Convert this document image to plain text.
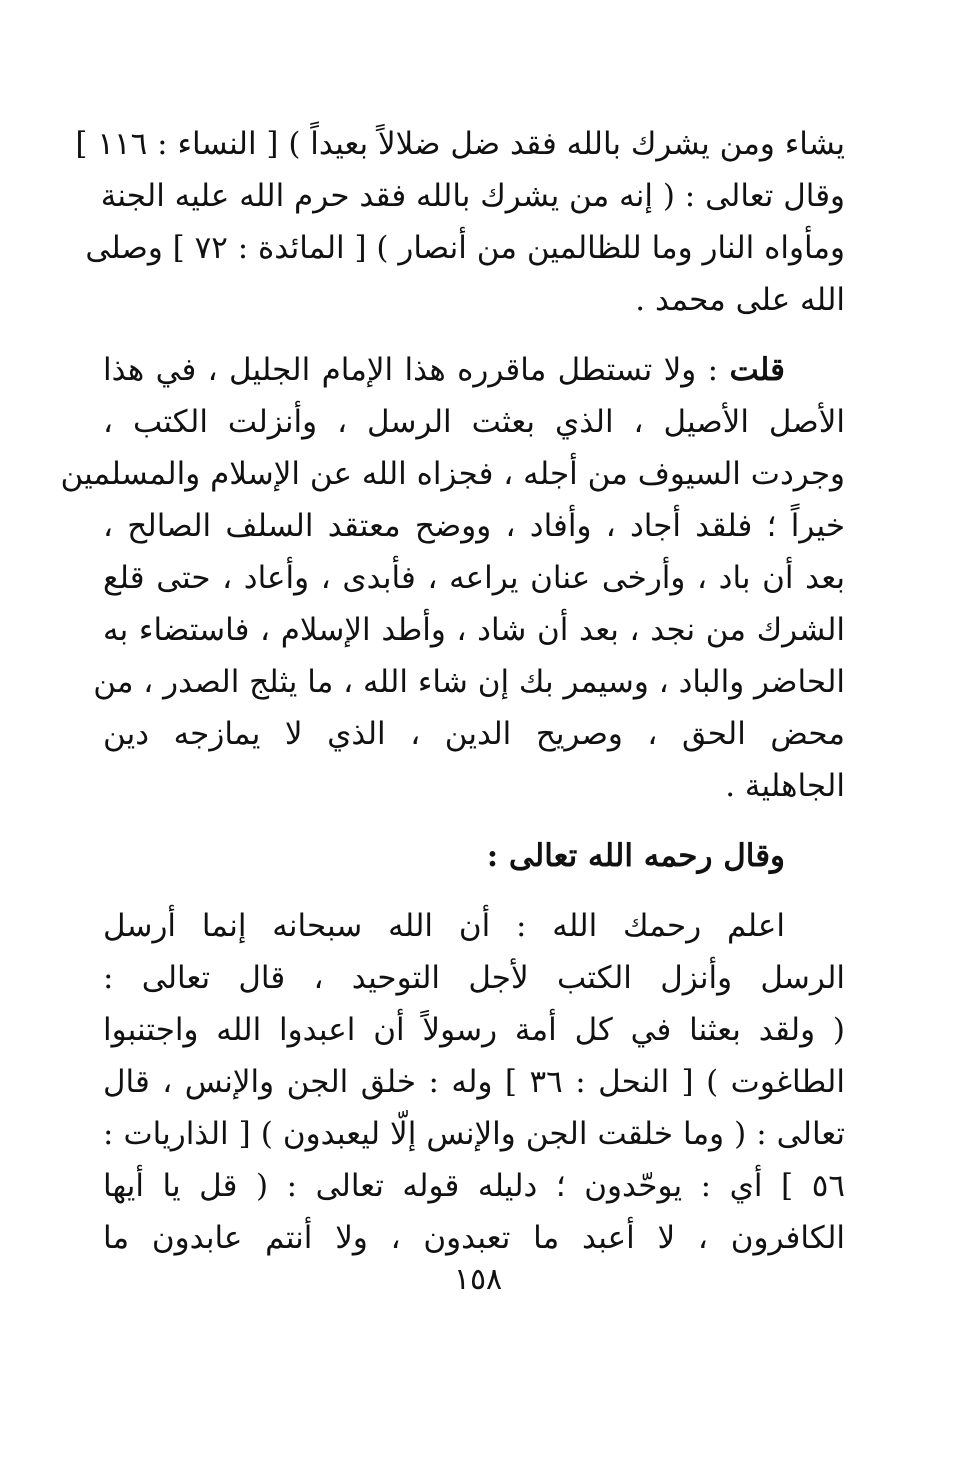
يشاء ومن يشرك بالله فقد ضل ضلالاً بعيداً ) [ النساء : ١١٦ ]
وقال تعالى : ( إنه من يشرك بالله فقد حرم الله عليه الجنة
ومأواه النار وما للظالمين من أنصار ) [ المائدة : ٧٢ ] وصلى
الله على محمد .
قلت : ولا تستطل ماقرره هذا الإمام الجليل ، في هذا
الأصل الأصيل ، الذي بعثت الرسل ، وأنزلت الكتب ،
وجردت السيوف من أجله ، فجزاه الله عن الإسلام والمسلمين
خيراً ؛ فلقد أجاد ، وأفاد ، ووضح معتقد السلف الصالح ،
بعد أن باد ، وأرخى عنان يراعه ، فأبدى ، وأعاد ، حتى قلع
الشرك من نجد ، بعد أن شاد ، وأطد الإسلام ، فاستضاء به
الحاضر والباد ، وسيمر بك إن شاء الله ، ما يثلج الصدر ، من
محض الحق ، وصريح الدين ، الذي لا يمازجه دين
الجاهلية .
وقال رحمه الله تعالى :
اعلم رحمك الله : أن الله سبحانه إنما أرسل
الرسل وأنزل الكتب لأجل التوحيد ، قال تعالى :
( ولقد بعثنا في كل أمة رسولاً أن اعبدوا الله واجتنبوا
الطاغوت ) [ النحل : ٣٦ ] وله : خلق الجن والإنس ، قال
تعالى : ( وما خلقت الجن والإنس إلّا ليعبدون ) [ الذاريات :
٥٦ ] أي : يوحّدون ؛ دليله قوله تعالى : ( قل يا أيها
الكافرون ، لا أعبد ما تعبدون ، ولا أنتم عابدون ما
١٥٨
